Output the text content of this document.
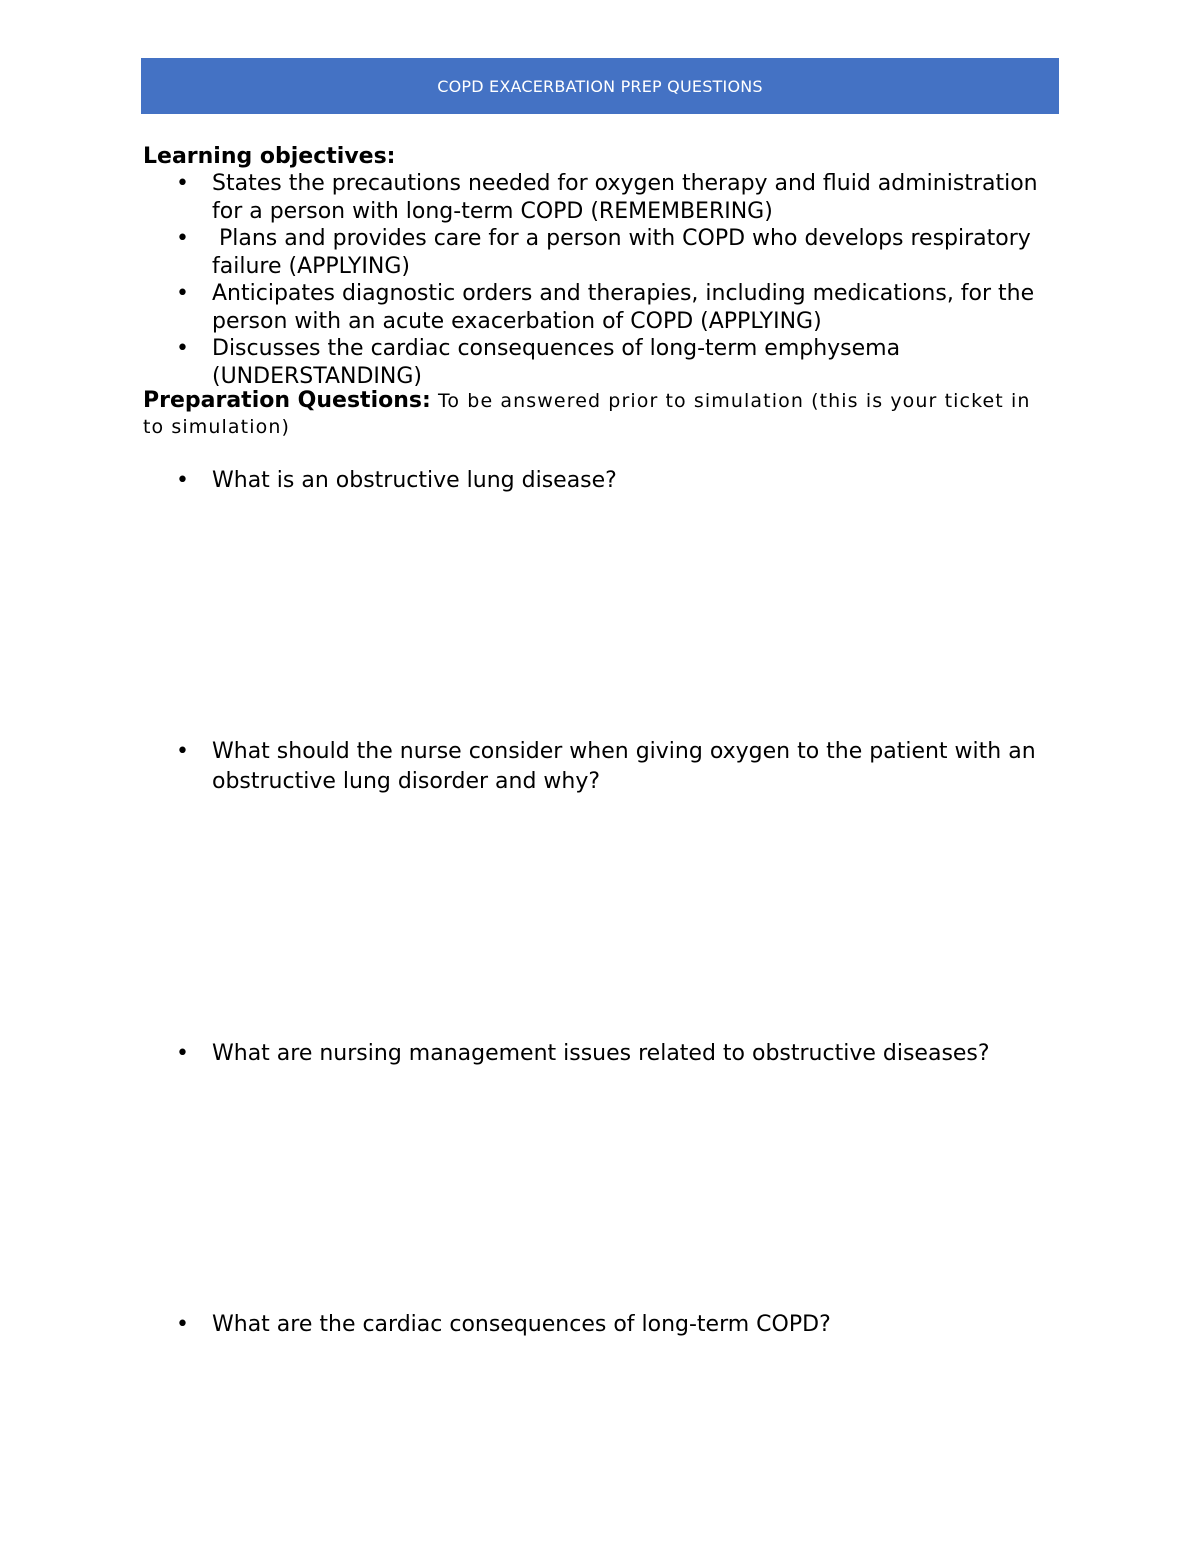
COPD EXACERBATION PREP QUESTIONS
Learning objectives:
• States the precautions needed for oxygen therapy and fluid administration for a person with long-term COPD (REMEMBERING)
• Plans and provides care for a person with COPD who develops respiratory failure (APPLYING)
• Anticipates diagnostic orders and therapies, including medications, for the person with an acute exacerbation of COPD (APPLYING)
• Discusses the cardiac consequences of long-term emphysema (UNDERSTANDING)
Preparation Questions: To be answered prior to simulation (this is your ticket in to simulation)
• What is an obstructive lung disease?
• What should the nurse consider when giving oxygen to the patient with an obstructive lung disorder and why?
• What are nursing management issues related to obstructive diseases?
• What are the cardiac consequences of long-term COPD?
